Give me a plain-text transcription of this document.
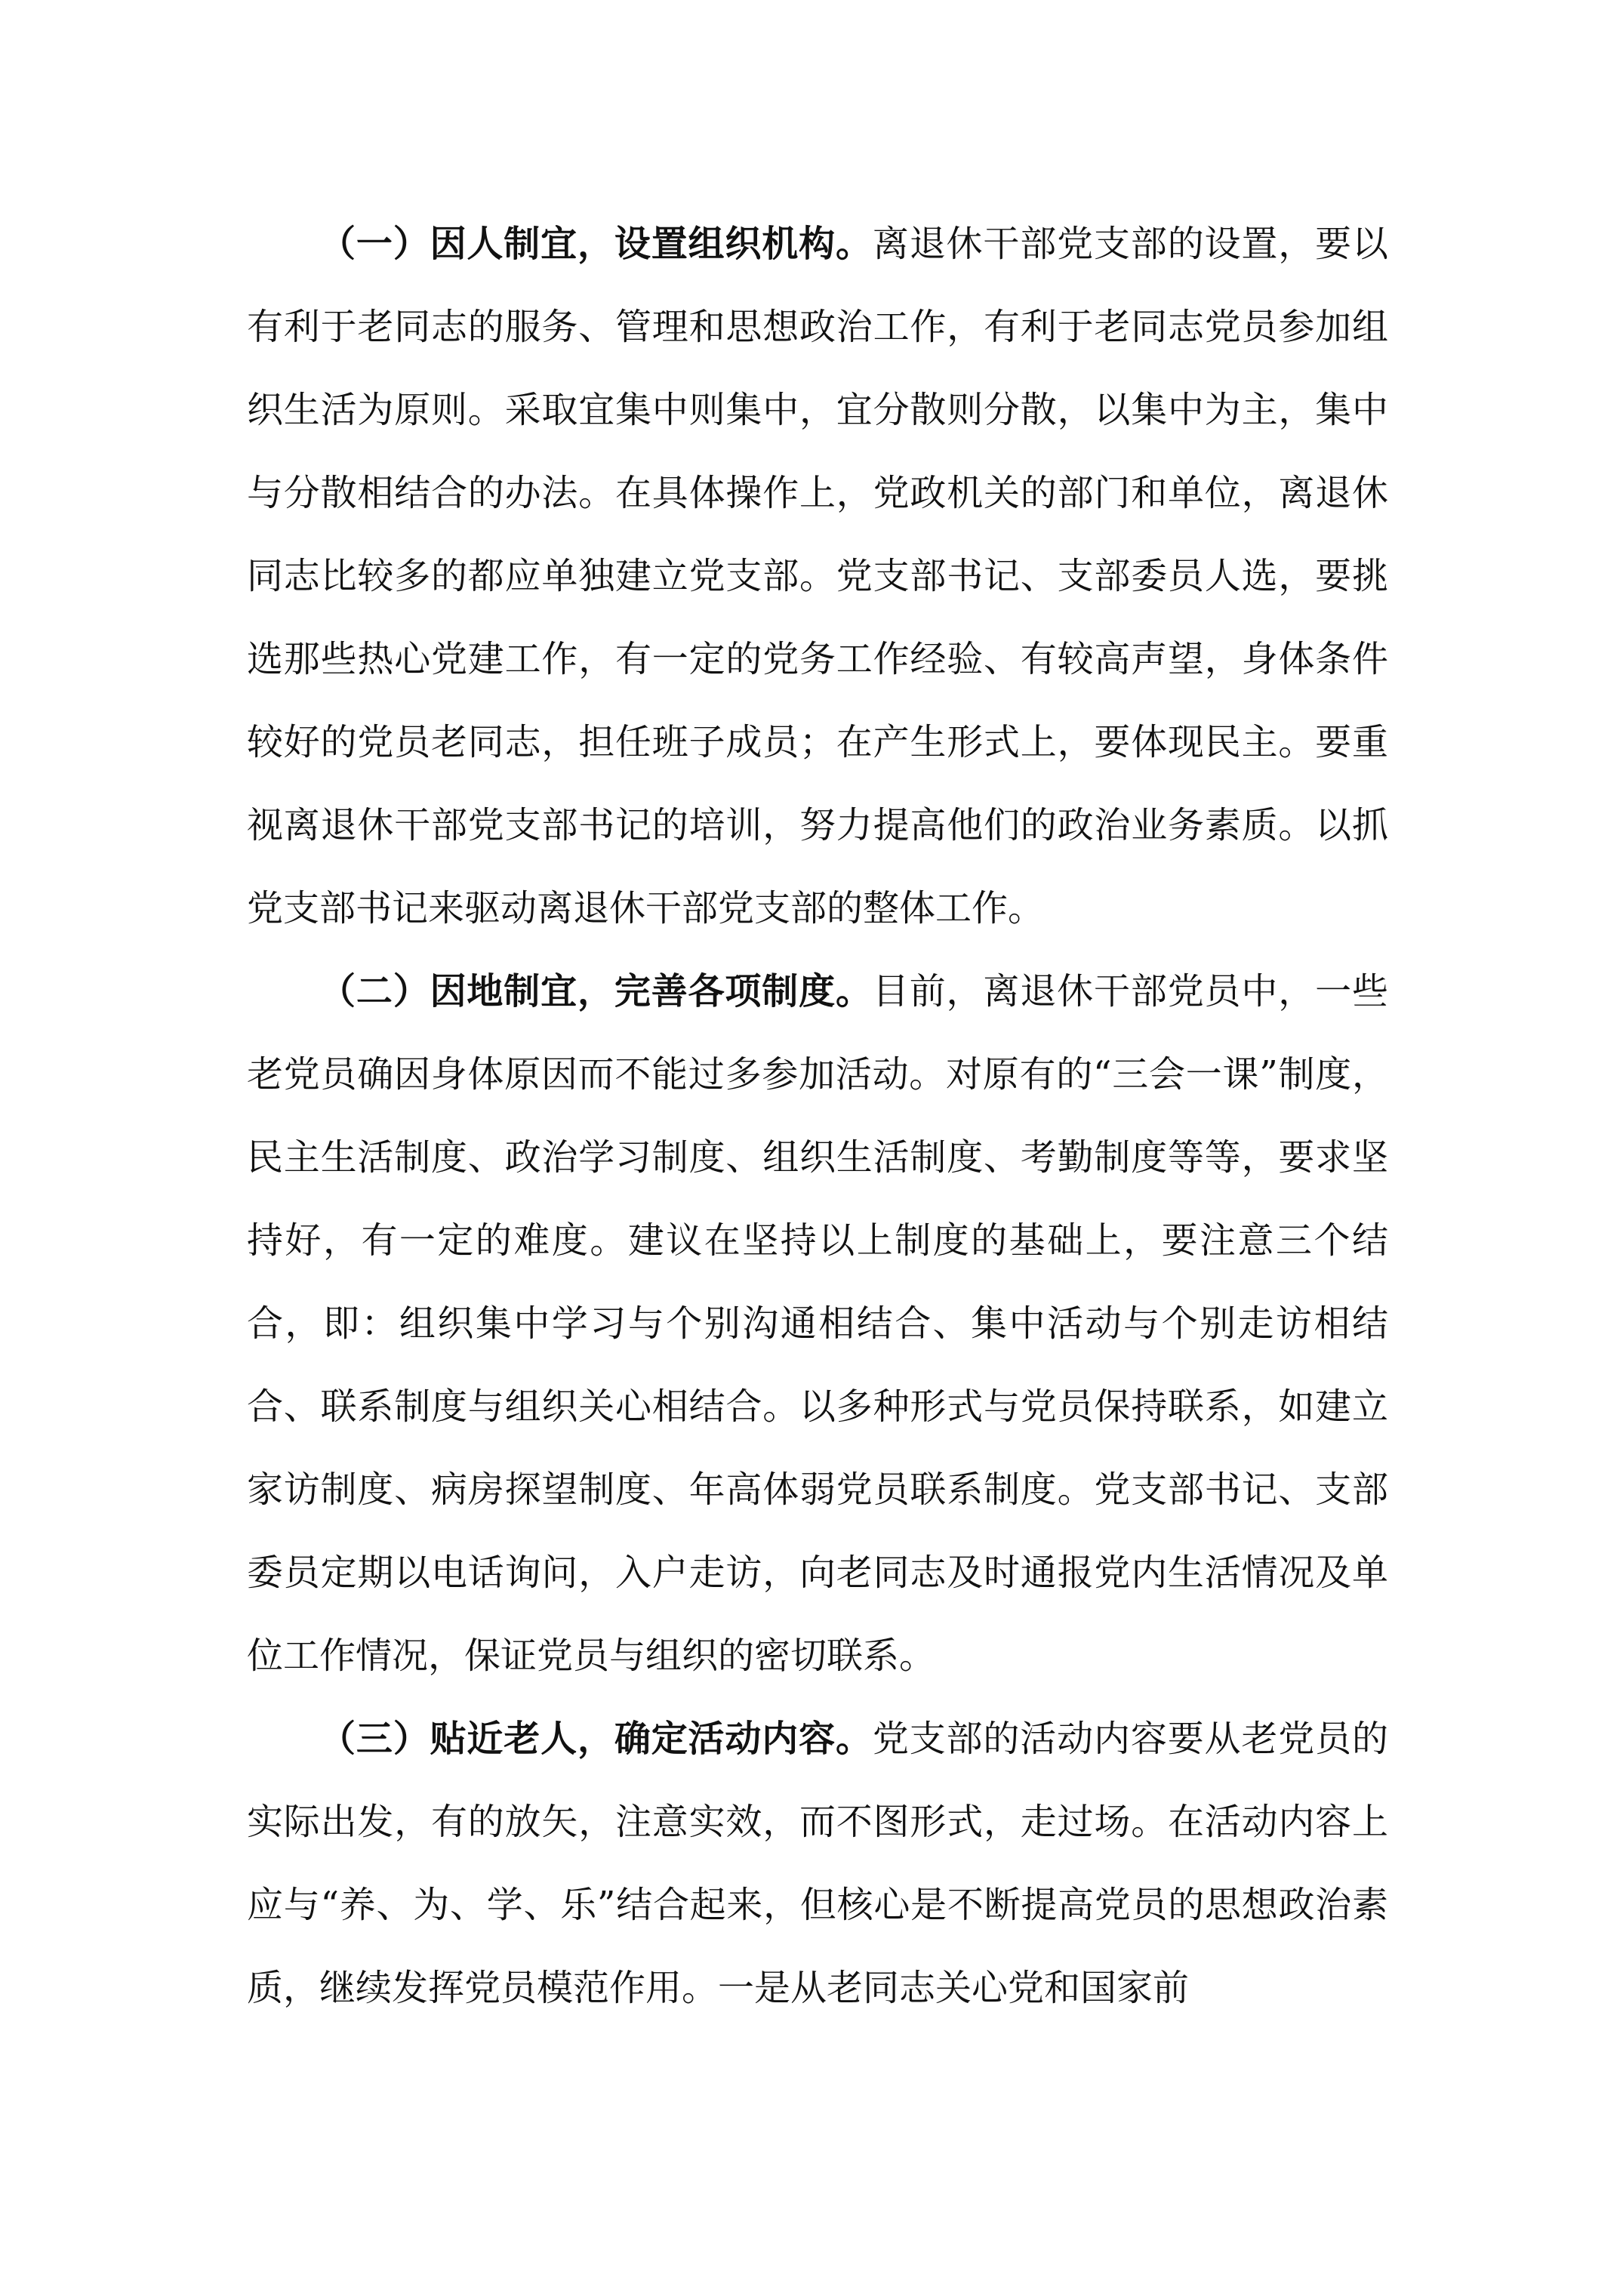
（一）因人制宜，设置组织机构。离退休干部党支部的设置，要以有利于老同志的服务、管理和思想政治工作，有利于老同志党员参加组织生活为原则。采取宜集中则集中，宜分散则分散，以集中为主，集中与分散相结合的办法。在具体操作上，党政机关的部门和单位，离退休同志比较多的都应单独建立党支部。党支部书记、支部委员人选，要挑选那些热心党建工作，有一定的党务工作经验、有较高声望，身体条件较好的党员老同志，担任班子成员；在产生形式上，要体现民主。要重视离退休干部党支部书记的培训，努力提高他们的政治业务素质。以抓党支部书记来驱动离退休干部党支部的整体工作。

（二）因地制宜，完善各项制度。目前，离退休干部党员中，一些老党员确因身体原因而不能过多参加活动。对原有的“三会一课”制度，民主生活制度、政治学习制度、组织生活制度、考勤制度等等，要求坚持好，有一定的难度。建议在坚持以上制度的基础上，要注意三个结合，即：组织集中学习与个别沟通相结合、集中活动与个别走访相结合、联系制度与组织关心相结合。以多种形式与党员保持联系，如建立家访制度、病房探望制度、年高体弱党员联系制度。党支部书记、支部委员定期以电话询问，入户走访，向老同志及时通报党内生活情况及单位工作情况，保证党员与组织的密切联系。

（三）贴近老人，确定活动内容。党支部的活动内容要从老党员的实际出发，有的放矢，注意实效，而不图形式，走过场。在活动内容上应与“养、为、学、乐”结合起来，但核心是不断提高党员的思想政治素质，继续发挥党员模范作用。一是从老同志关心党和国家前
